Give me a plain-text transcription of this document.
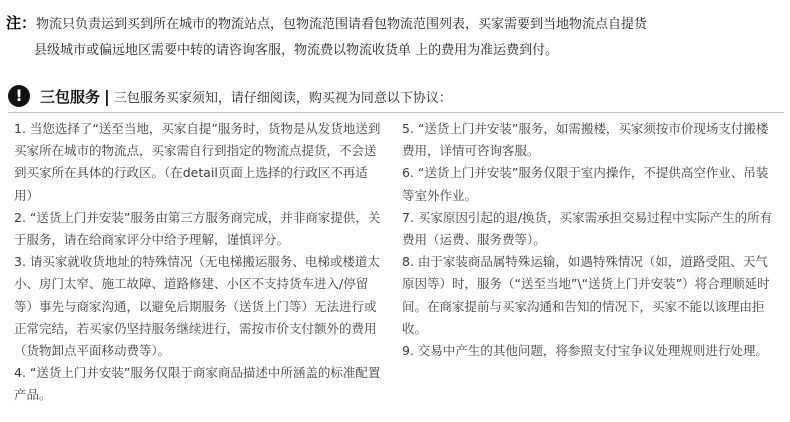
注：物流只负责运到买到所在城市的物流站点，包物流范围请看包物流范围列表，买家需要到当地物流点自提货
县级城市或偏远地区需要中转的请咨询客服，物流费以物流收货单 上的费用为准运费到付。
!	三包服务 | 三包服务买家须知，请仔细阅读，购买视为同意以下协议：

1. 当您选择了“送至当地，买家自提”服务时，货物是从发货地送到买家所在城市的物流点，买家需自行到指定的物流点提货，不会送到买家所在具体的行政区。（在detail页面上选择的行政区不再适用）

2. “送货上门并安装”服务由第三方服务商完成，并非商家提供，关于服务，请在给商家评分中给予理解，谨慎评分。

3. 请买家就收货地址的特殊情况（无电梯搬运服务、电梯或楼道太小、房门太窄、施工故障、道路修建、小区不支持货车进入/停留等）事先与商家沟通，以避免后期服务（送货上门等）无法进行或正常完结，若买家仍坚持服务继续进行，需按市价支付额外的费用（货物卸点平面移动费等）。

4. “送货上门并安装”服务仅限于商家商品描述中所涵盖的标准配置产品。

5. “送货上门并安装”服务，如需搬楼，买家须按市价现场支付搬楼费用，详情可咨询客服。

6. “送货上门并安装”服务仅限于室内操作，不提供高空作业、吊装等室外作业。

7. 买家原因引起的退/换货，买家需承担交易过程中实际产生的所有费用（运费、服务费等）。

8. 由于家装商品属特殊运输，如遇特殊情况（如，道路受阻、天气原因等）时，服务（“送至当地”\“送货上门并安装”）将合理顺延时间。在商家提前与买家沟通和告知的情况下，买家不能以该理由拒收。

9. 交易中产生的其他问题，将参照支付宝争议处理规则进行处理。
